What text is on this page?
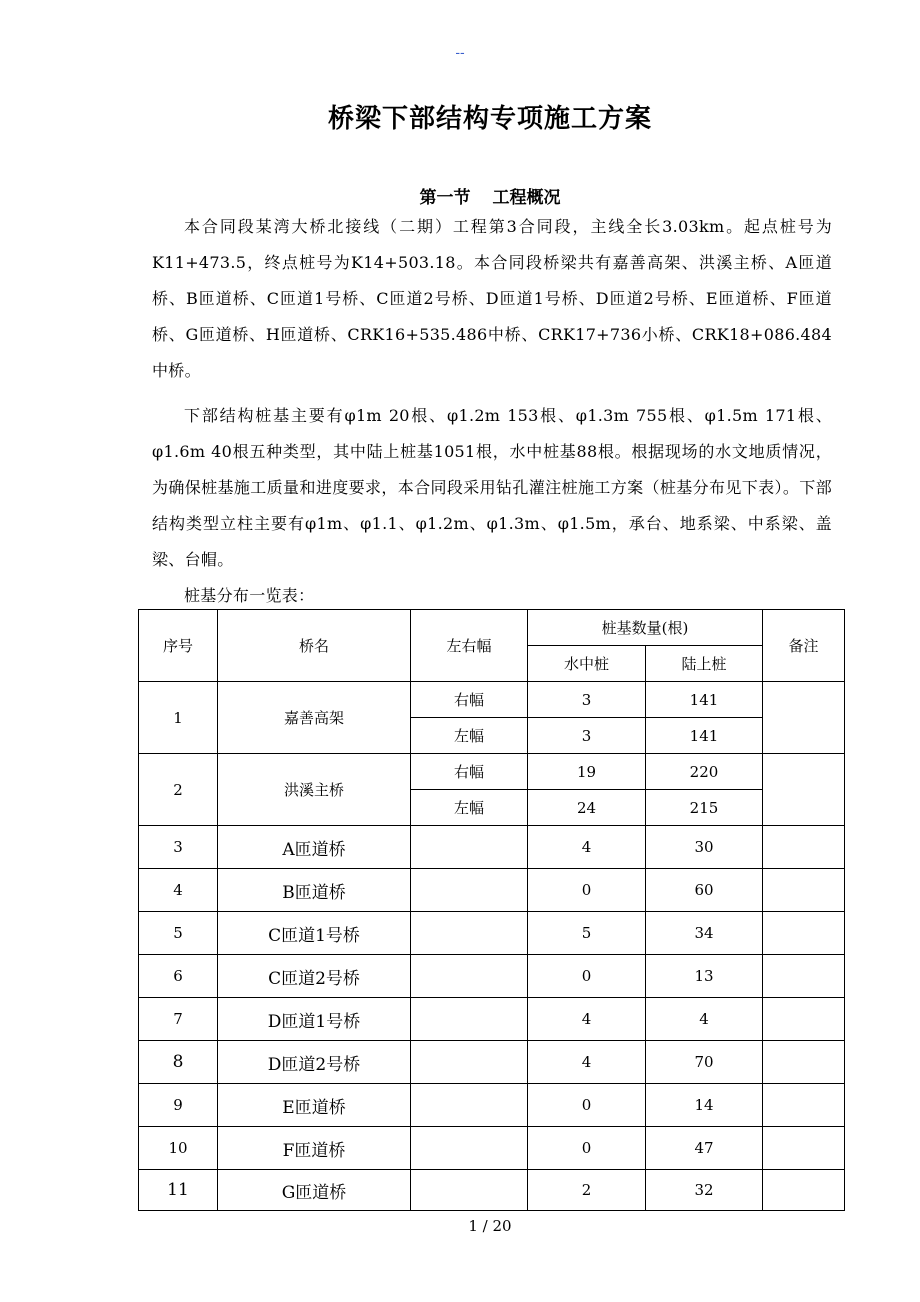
--
桥梁下部结构专项施工方案
第一节 工程概况

本合同段某湾大桥北接线（二期）工程第3合同段，主线全长3.03km。起点桩号为K11+473.5，终点桩号为K14+503.18。本合同段桥梁共有嘉善高架、洪溪主桥、A匝道桥、B匝道桥、C匝道1号桥、C匝道2号桥、D匝道1号桥、D匝道2号桥、E匝道桥、F匝道桥、G匝道桥、H匝道桥、CRK16+535.486中桥、CRK17+736小桥、CRK18+086.484中桥。

下部结构桩基主要有φ1m 20根、φ1.2m 153根、φ1.3m 755根、φ1.5m 171根、φ1.6m 40根五种类型，其中陆上桩基1051根，水中桩基88根。根据现场的水文地质情况，为确保桩基施工质量和进度要求，本合同段采用钻孔灌注桩施工方案（桩基分布见下表）。下部结构类型立柱主要有φ1m、φ1.1、φ1.2m、φ1.3m、φ1.5m，承台、地系梁、中系梁、盖梁、台帽。

桩基分布一览表：

序号	桥名	左右幅	桩基数量(根)		备注
			水中桩	陆上桩	
1	嘉善高架	右幅	3	141	
		左幅	3	141	
2	洪溪主桥	右幅	19	220	
		左幅	24	215	
3	A匝道桥		4	30	
4	B匝道桥		0	60	
5	C匝道1号桥		5	34	
6	C匝道2号桥		0	13	
7	D匝道1号桥		4	4	
8	D匝道2号桥		4	70	
9	E匝道桥		0	14	
10	F匝道桥		0	47	
11	G匝道桥		2	32	
1 / 20
